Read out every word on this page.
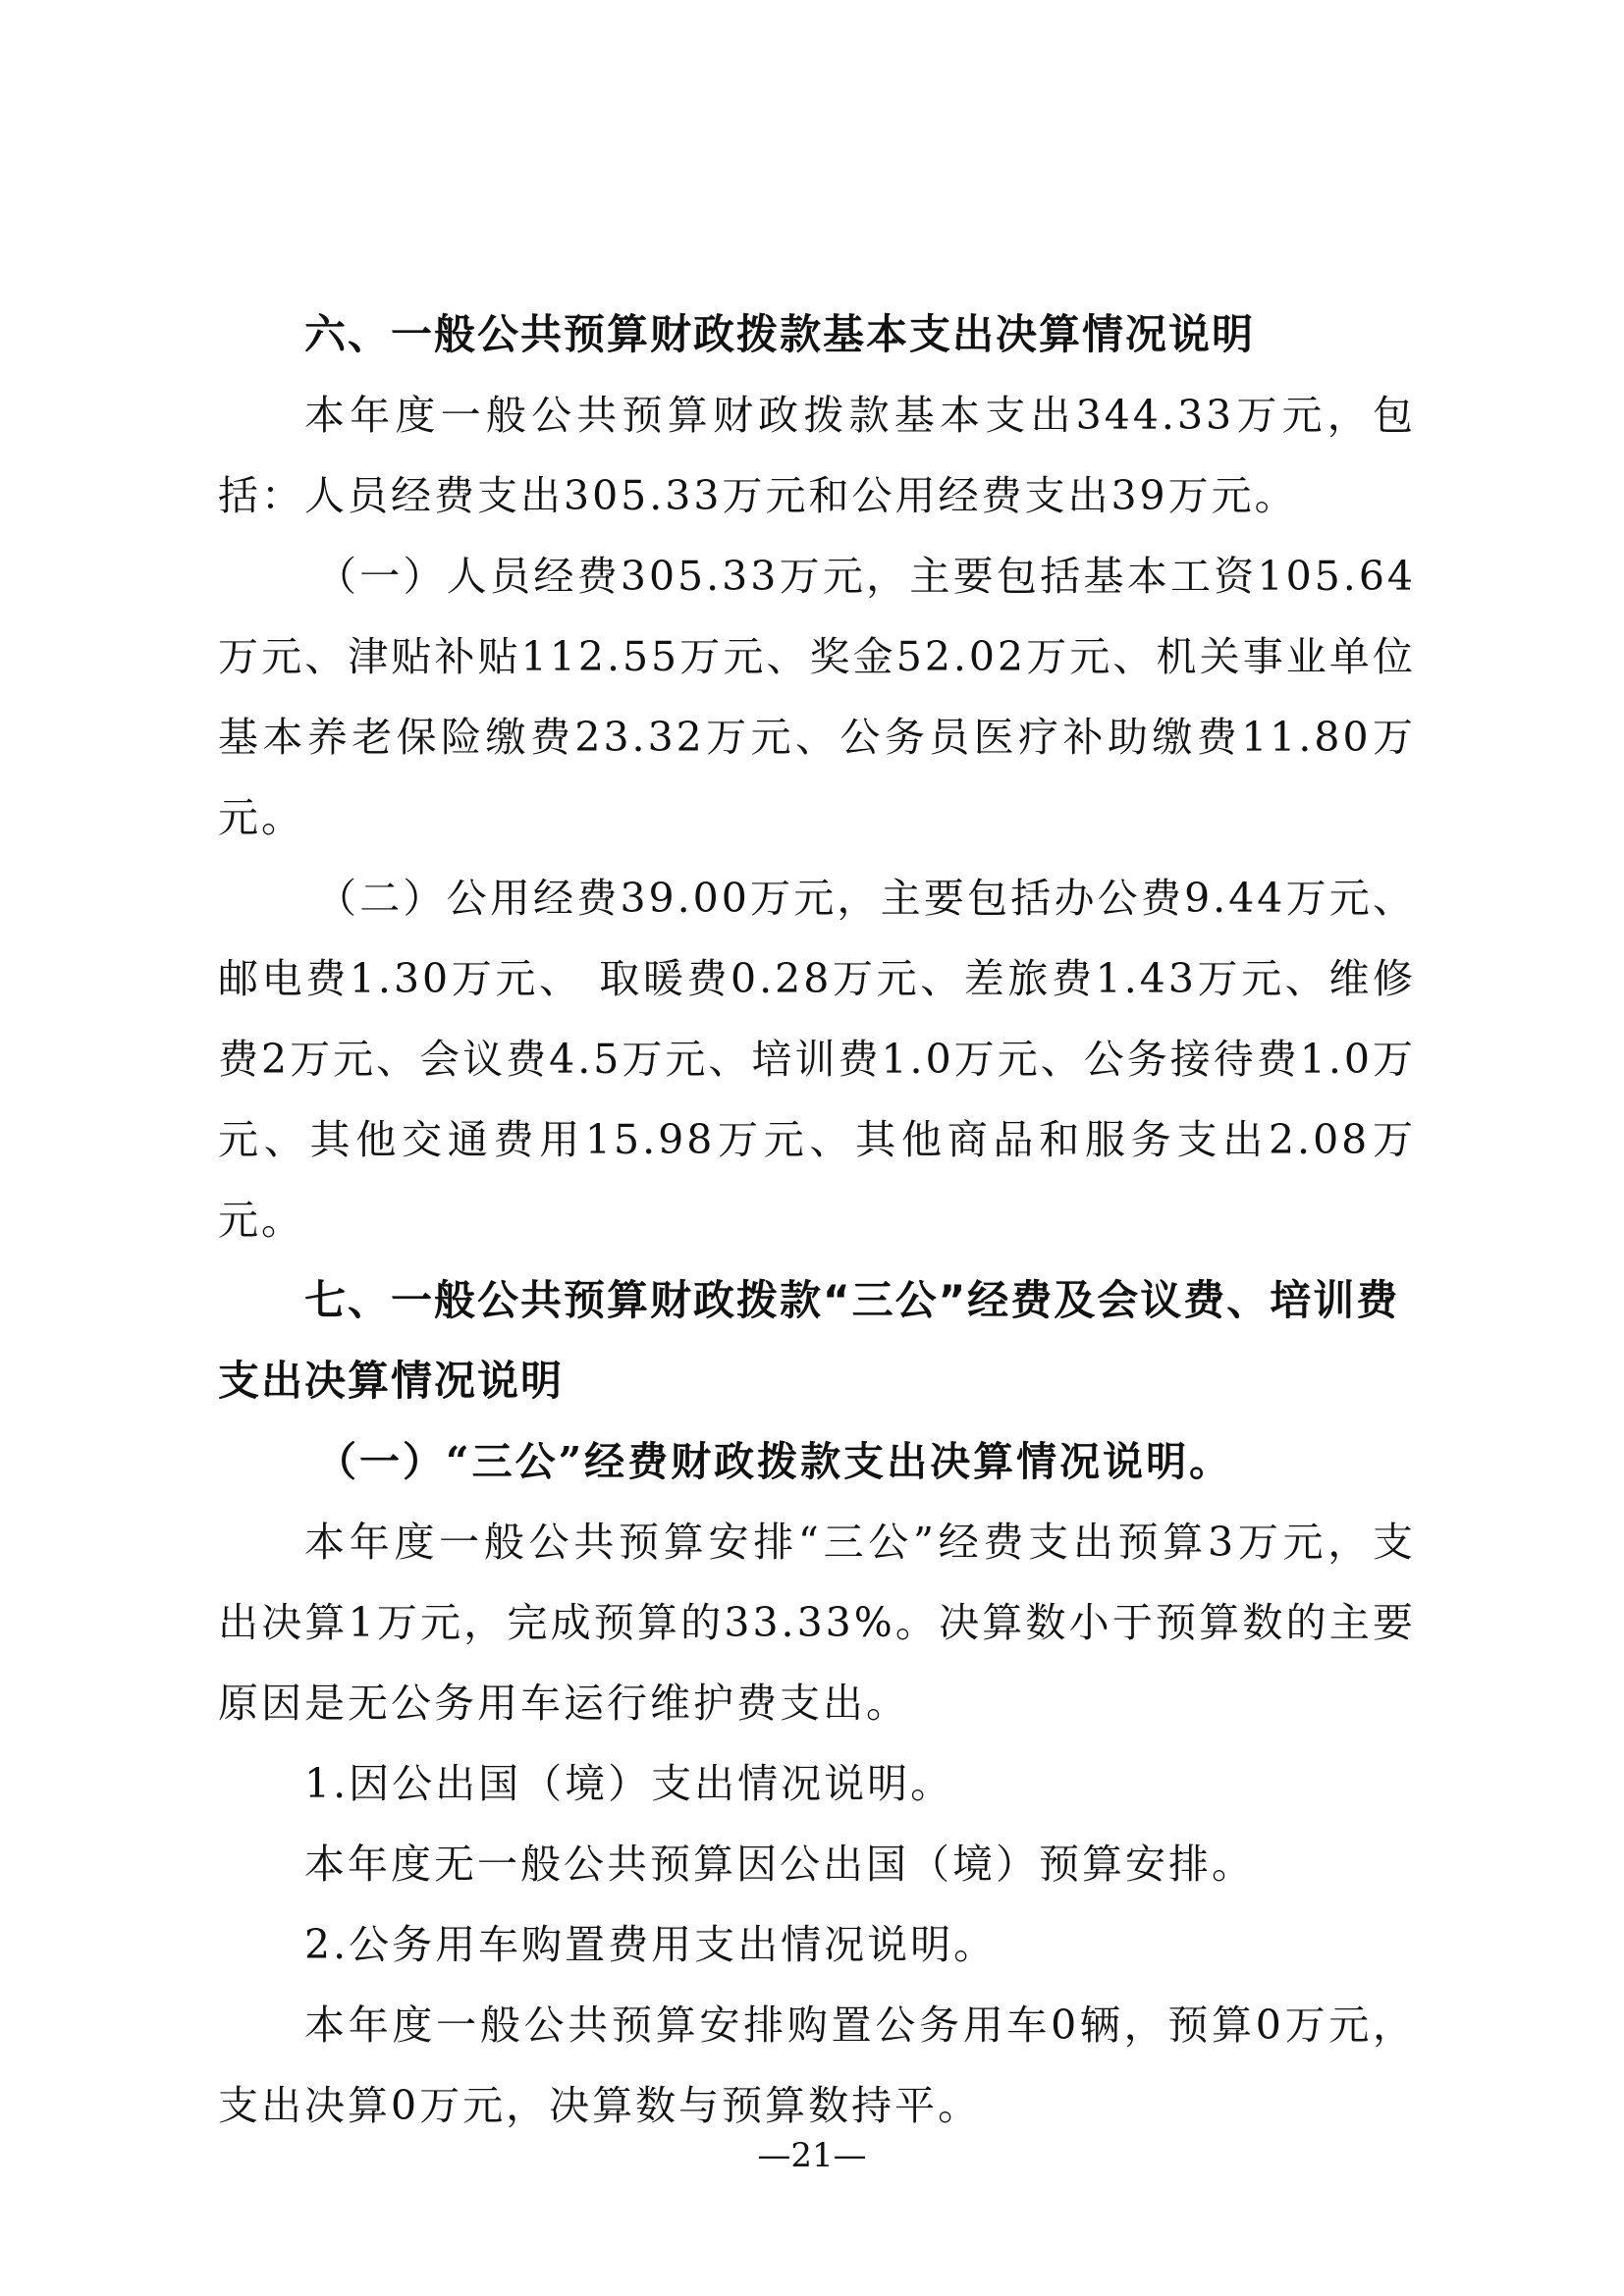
六、一般公共预算财政拨款基本支出决算情况说明

本年度一般公共预算财政拨款基本支出344.33万元，包括：人员经费支出305.33万元和公用经费支出39万元。

（一）人员经费305.33万元，主要包括基本工资105.64万元、津贴补贴112.55万元、奖金52.02万元、机关事业单位基本养老保险缴费23.32万元、公务员医疗补助缴费11.80万元。

（二）公用经费39.00万元，主要包括办公费9.44万元、邮电费1.30万元、 取暖费0.28万元、差旅费1.43万元、维修费2万元、会议费4.5万元、培训费1.0万元、公务接待费1.0万元、其他交通费用15.98万元、其他商品和服务支出2.08万元。

七、一般公共预算财政拨款“三公”经费及会议费、培训费支出决算情况说明

（一）“三公”经费财政拨款支出决算情况说明。

本年度一般公共预算安排“三公”经费支出预算3万元，支出决算1万元，完成预算的33.33%。决算数小于预算数的主要原因是无公务用车运行维护费支出。

1.因公出国（境）支出情况说明。

本年度无一般公共预算因公出国（境）预算安排。

2.公务用车购置费用支出情况说明。

本年度一般公共预算安排购置公务用车0辆，预算0万元，支出决算0万元，决算数与预算数持平。

—21—
